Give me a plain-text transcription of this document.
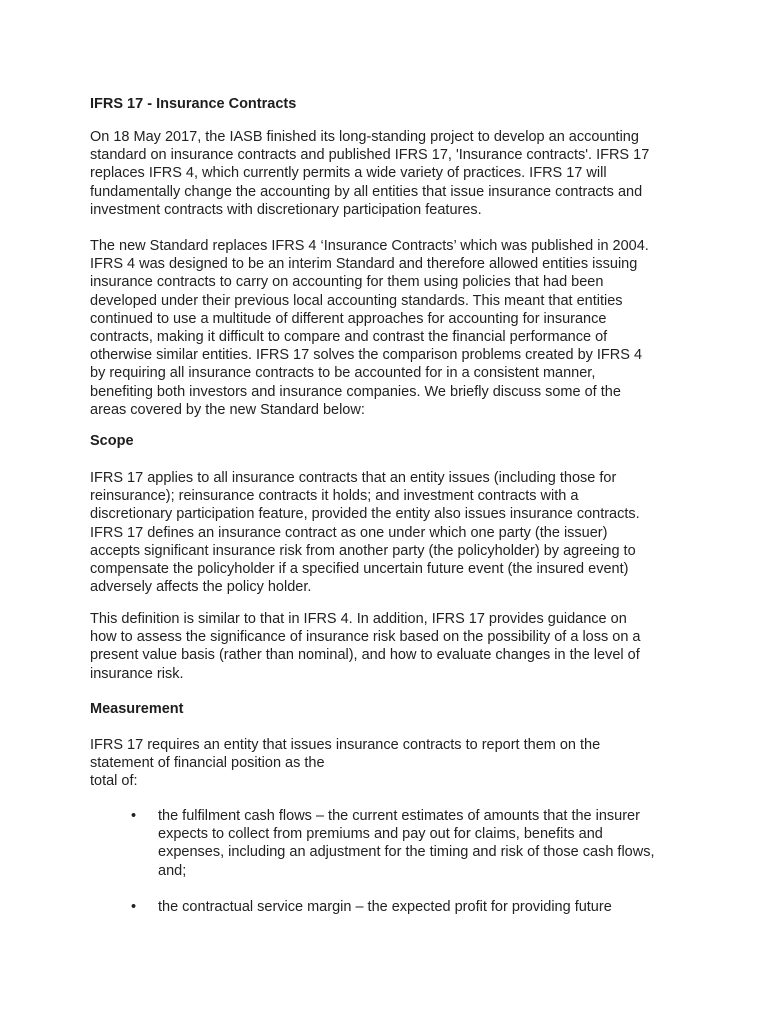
IFRS 17 - Insurance Contracts

On 18 May 2017, the IASB finished its long-standing project to develop an accounting
standard on insurance contracts and published IFRS 17, 'Insurance contracts'. IFRS 17
replaces IFRS 4, which currently permits a wide variety of practices. IFRS 17 will
fundamentally change the accounting by all entities that issue insurance contracts and
investment contracts with discretionary participation features.

The new Standard replaces IFRS 4 ‘Insurance Contracts’ which was published in 2004.
IFRS 4 was designed to be an interim Standard and therefore allowed entities issuing
insurance contracts to carry on accounting for them using policies that had been
developed under their previous local accounting standards. This meant that entities
continued to use a multitude of different approaches for accounting for insurance
contracts, making it difficult to compare and contrast the financial performance of
otherwise similar entities. IFRS 17 solves the comparison problems created by IFRS 4
by requiring all insurance contracts to be accounted for in a consistent manner,
benefiting both investors and insurance companies. We briefly discuss some of the
areas covered by the new Standard below:

Scope

IFRS 17 applies to all insurance contracts that an entity issues (including those for
reinsurance); reinsurance contracts it holds; and investment contracts with a
discretionary participation feature, provided the entity also issues insurance contracts.
IFRS 17 defines an insurance contract as one under which one party (the issuer)
accepts significant insurance risk from another party (the policyholder) by agreeing to
compensate the policyholder if a specified uncertain future event (the insured event)
adversely affects the policy holder.

This definition is similar to that in IFRS 4. In addition, IFRS 17 provides guidance on
how to assess the significance of insurance risk based on the possibility of a loss on a
present value basis (rather than nominal), and how to evaluate changes in the level of
insurance risk.

Measurement

IFRS 17 requires an entity that issues insurance contracts to report them on the
statement of financial position as the
total of:

• the fulfilment cash flows – the current estimates of amounts that the insurer
expects to collect from premiums and pay out for claims, benefits and
expenses, including an adjustment for the timing and risk of those cash flows,
and;
• the contractual service margin – the expected profit for providing future
